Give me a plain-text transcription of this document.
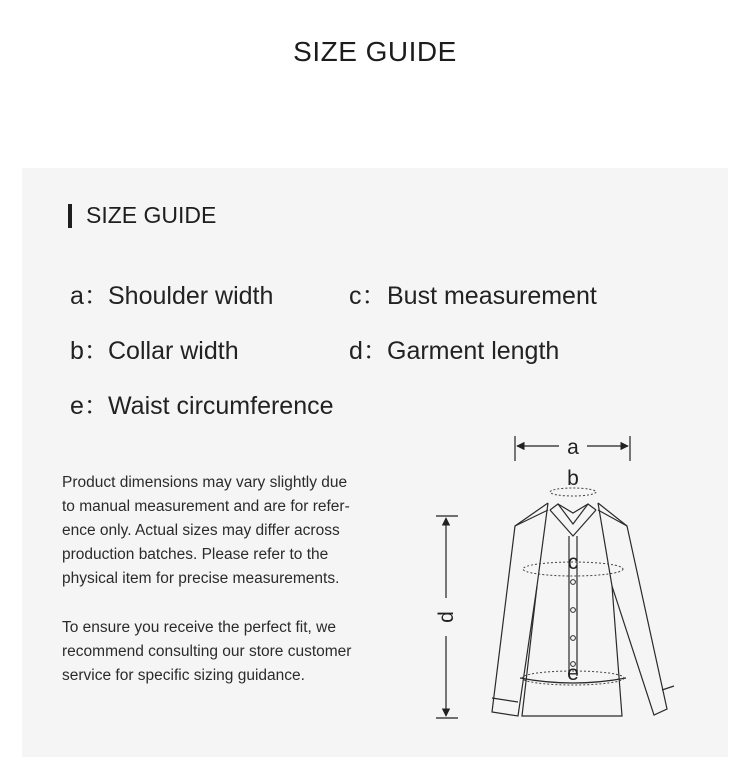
SIZE GUIDE
SIZE GUIDE
a：Shoulder width	c：Bust measurement
b：Collar width	d：Garment length
e：Waist circumference
Product dimensions may vary slightly due
to manual measurement and are for refer-
ence only. Actual sizes may differ across
production batches. Please refer to the
physical item for precise measurements.
To ensure you receive the perfect fit, we
recommend consulting our store customer
service for specific sizing guidance.
a
b
d
c
e
